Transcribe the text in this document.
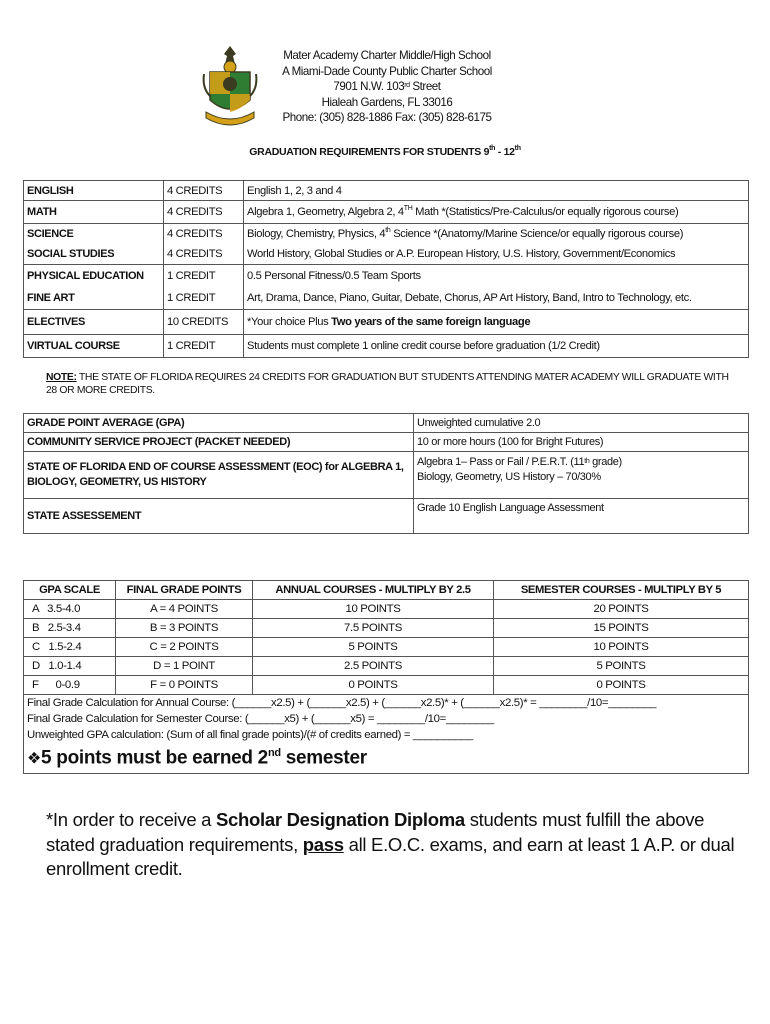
Mater Academy Charter Middle/High School
A Miami-Dade County Public Charter School
7901 N.W. 103rd Street
Hialeah Gardens, FL 33016
Phone: (305) 828-1886 Fax: (305) 828-6175
GRADUATION REQUIREMENTS FOR STUDENTS 9th - 12th
ENGLISH	4 CREDITS	English 1, 2, 3 and 4
MATH	4 CREDITS	Algebra 1, Geometry, Algebra 2, 4TH Math *(Statistics/Pre-Calculus/or equally rigorous course)
SCIENCE	4 CREDITS	Biology, Chemistry, Physics, 4th Science *(Anatomy/Marine Science/or equally rigorous course)
SOCIAL STUDIES	4 CREDITS	World History, Global Studies or A.P. European History, U.S. History, Government/Economics
PHYSICAL EDUCATION	1 CREDIT	0.5 Personal Fitness/0.5 Team Sports
FINE ART	1 CREDIT	Art, Drama, Dance, Piano, Guitar, Debate, Chorus, AP Art History, Band, Intro to Technology, etc.
ELECTIVES	10 CREDITS	*Your choice Plus Two years of the same foreign language
VIRTUAL COURSE	1 CREDIT	Students must complete 1 online credit course before graduation (1/2 Credit)
NOTE: THE STATE OF FLORIDA REQUIRES 24 CREDITS FOR GRADUATION BUT STUDENTS ATTENDING MATER ACADEMY WILL GRADUATE WITH 28 OR MORE CREDITS.
GRADE POINT AVERAGE (GPA)	Unweighted cumulative 2.0
COMMUNITY SERVICE PROJECT (PACKET NEEDED)	10 or more hours (100 for Bright Futures)
STATE OF FLORIDA END OF COURSE ASSESSMENT (EOC) for ALGEBRA 1, BIOLOGY, GEOMETRY, US HISTORY	Algebra 1– Pass or Fail / P.E.R.T. (11th grade)
Biology, Geometry, US History – 70/30%

STATE ASSESSEMENT	Grade 10 English Language Assessment
GPA SCALE	FINAL GRADE POINTS	ANNUAL COURSES - MULTIPLY BY 2.5	SEMESTER COURSES - MULTIPLY BY 5
A   3.5-4.0	A = 4 POINTS	10 POINTS	20 POINTS
B   2.5-3.4	B = 3 POINTS	7.5 POINTS	15 POINTS
C   1.5-2.4	C = 2 POINTS	5 POINTS	10 POINTS
D   1.0-1.4	D = 1 POINT	2.5 POINTS	5 POINTS
F      0-0.9	F = 0 POINTS	0 POINTS	0 POINTS
Final Grade Calculation for Annual Course: (______x2.5) + (______x2.5) + (______x2.5)* + (______x2.5)* = ________/10=________			
Final Grade Calculation for Semester Course: (______x5) + (______x5) = ________/10=________			
Unweighted GPA calculation: (Sum of all final grade points)/(# of credits earned) = __________			
❖5 points must be earned 2nd semester			
*In order to receive a Scholar Designation Diploma students must fulfill the above stated graduation requirements, pass all E.O.C. exams, and earn at least 1 A.P. or dual enrollment credit.
